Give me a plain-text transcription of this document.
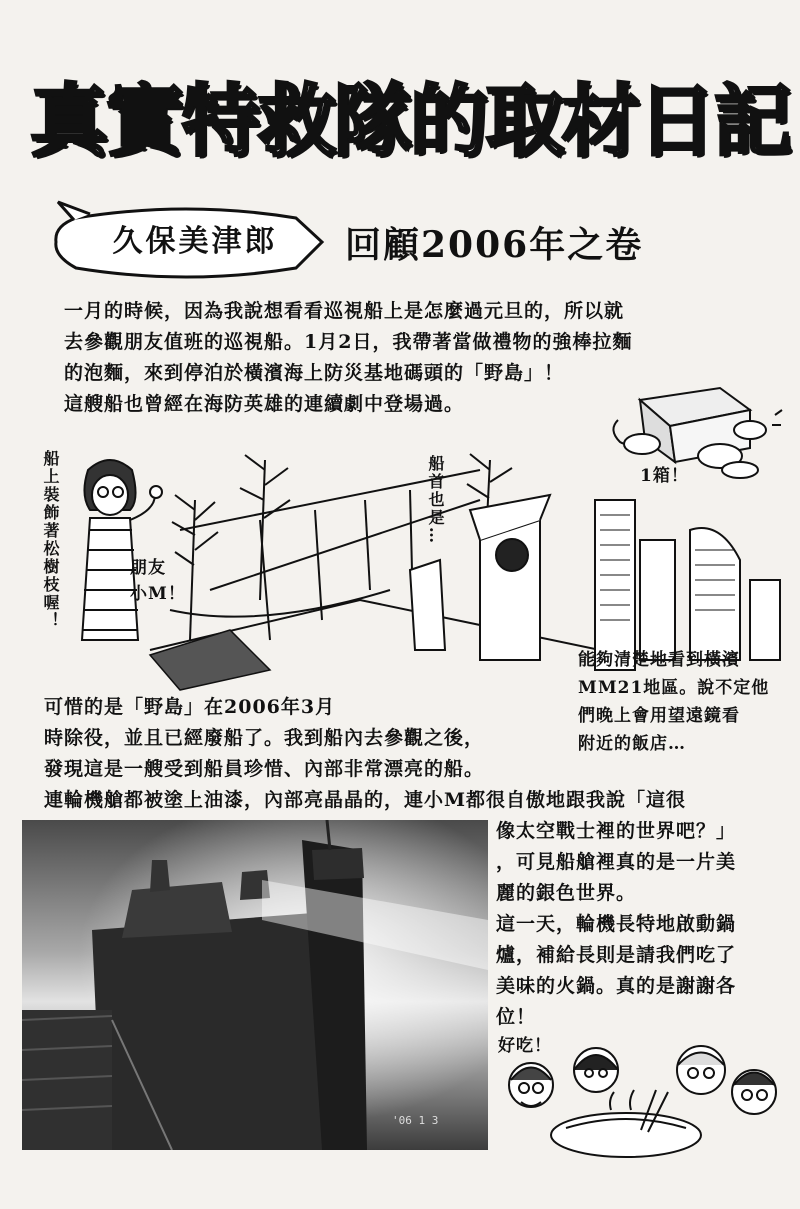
真實特救隊的取材日記
久保美津郎	回顧2006年之卷
一月的時候，因為我說想看看巡視船上是怎麼過元旦的，所以就
去參觀朋友值班的巡視船。1月2日，我帶著當做禮物的強棒拉麵
的泡麵，來到停泊於橫濱海上防災基地碼頭的「野島」！
這艘船也曾經在海防英雄的連續劇中登場過。
1箱！
船上裝飾著松樹枝喔！	朋友
小M！
船首也是…
能夠清楚地看到橫濱
MM21地區。說不定他
們晚上會用望遠鏡看
附近的飯店…
可惜的是「野島」在2006年3月
時除役，並且已經廢船了。我到船內去參觀之後，
發現這是一艘受到船員珍惜、內部非常漂亮的船。
連輪機艙都被塗上油漆，內部亮晶晶的，連小M都很自傲地跟我說「這很
'06 1 3
像太空戰士裡的世界吧？」
，可見船艙裡真的是一片美
麗的銀色世界。
這一天，輪機長特地啟動鍋
爐，補給長則是請我們吃了
美味的火鍋。真的是謝謝各
位！
好吃！
